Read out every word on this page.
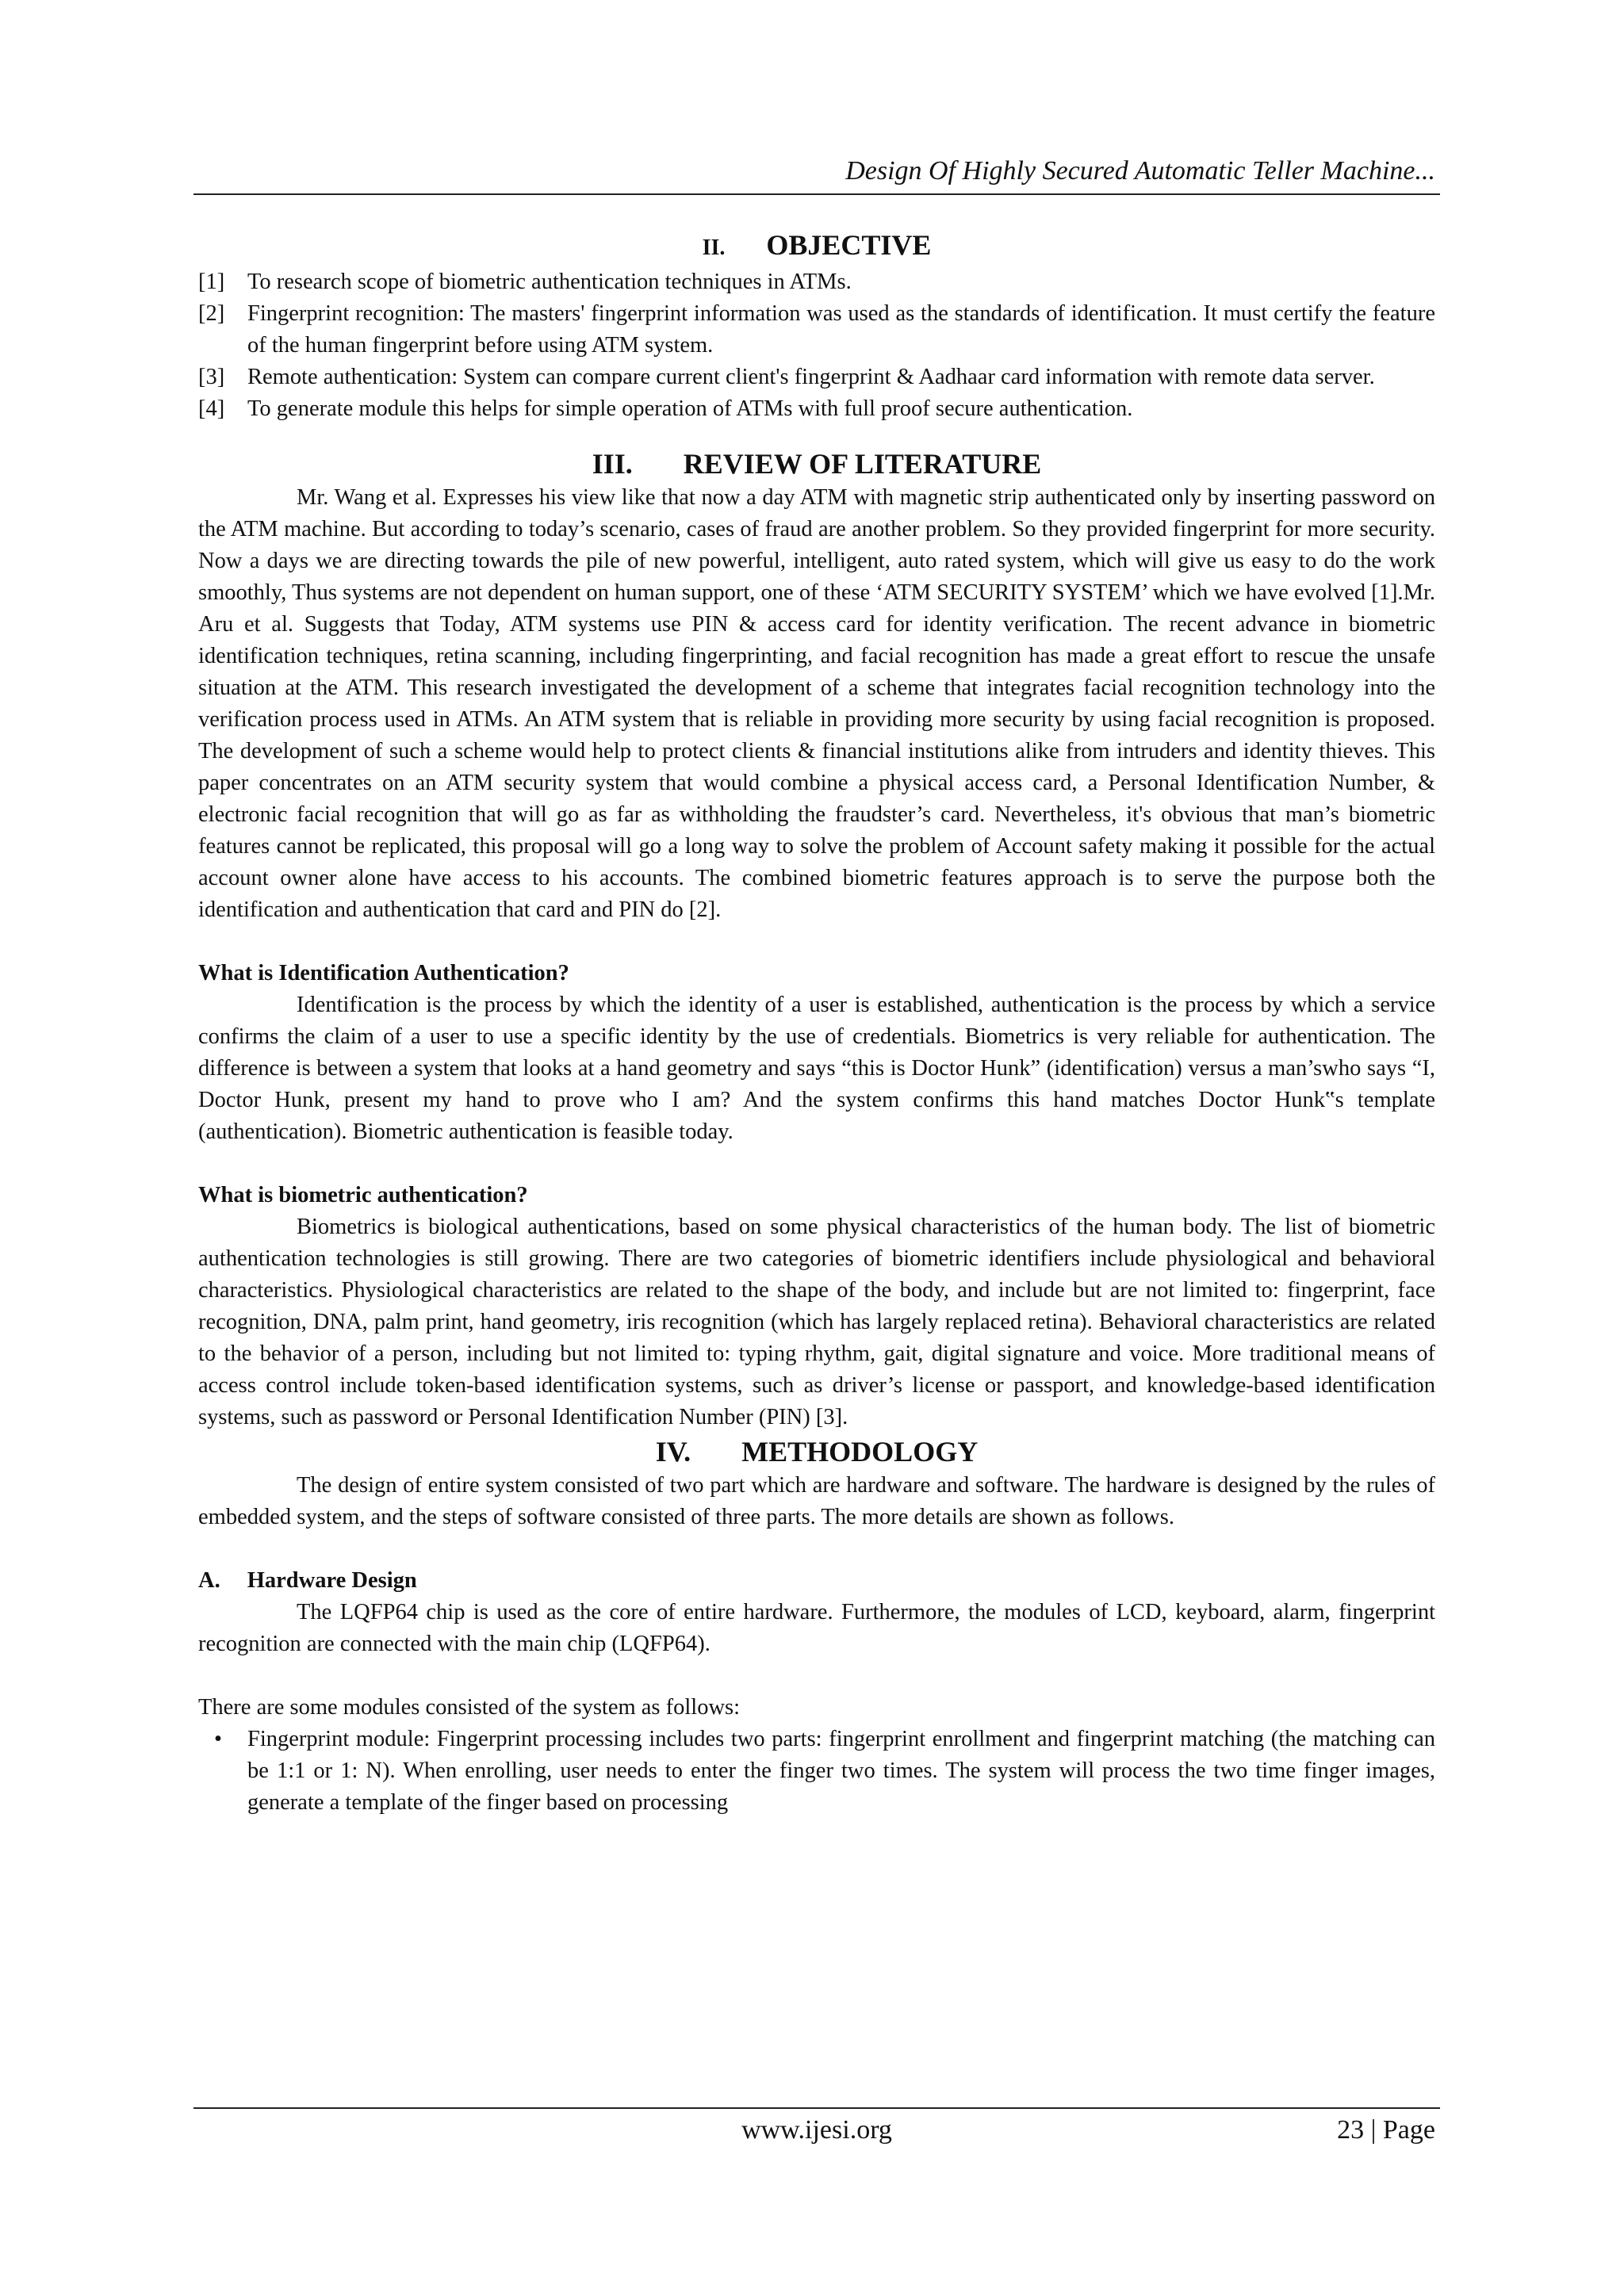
Design Of Highly Secured Automatic Teller Machine...
II. OBJECTIVE
[1] To research scope of biometric authentication techniques in ATMs.
[2] Fingerprint recognition: The masters' fingerprint information was used as the standards of identification. It must certify the feature of the human fingerprint before using ATM system.
[3] Remote authentication: System can compare current client's fingerprint & Aadhaar card information with remote data server.
[4] To generate module this helps for simple operation of ATMs with full proof secure authentication.
III. REVIEW OF LITERATURE

Mr. Wang et al. Expresses his view like that now a day ATM with magnetic strip authenticated only by inserting password on the ATM machine. But according to today’s scenario, cases of fraud are another problem. So they provided fingerprint for more security. Now a days we are directing towards the pile of new powerful, intelligent, auto rated system, which will give us easy to do the work smoothly, Thus systems are not dependent on human support, one of these ‘ATM SECURITY SYSTEM’ which we have evolved [1].Mr. Aru et al. Suggests that Today, ATM systems use PIN & access card for identity verification. The recent advance in biometric identification techniques, retina scanning, including fingerprinting, and facial recognition has made a great effort to rescue the unsafe situation at the ATM. This research investigated the development of a scheme that integrates facial recognition technology into the verification process used in ATMs. An ATM system that is reliable in providing more security by using facial recognition is proposed. The development of such a scheme would help to protect clients & financial institutions alike from intruders and identity thieves. This paper concentrates on an ATM security system that would combine a physical access card, a Personal Identification Number, & electronic facial recognition that will go as far as withholding the fraudster’s card. Nevertheless, it's obvious that man’s biometric features cannot be replicated, this proposal will go a long way to solve the problem of Account safety making it possible for the actual account owner alone have access to his accounts. The combined biometric features approach is to serve the purpose both the identification and authentication that card and PIN do [2].

What is Identification Authentication?

Identification is the process by which the identity of a user is established, authentication is the process by which a service confirms the claim of a user to use a specific identity by the use of credentials. Biometrics is very reliable for authentication. The difference is between a system that looks at a hand geometry and says “this is Doctor Hunk” (identification) versus a man’swho says “I, Doctor Hunk, present my hand to prove who I am? And the system confirms this hand matches Doctor Hunk‟s template (authentication). Biometric authentication is feasible today.

What is biometric authentication?

Biometrics is biological authentications, based on some physical characteristics of the human body. The list of biometric authentication technologies is still growing. There are two categories of biometric identifiers include physiological and behavioral characteristics. Physiological characteristics are related to the shape of the body, and include but are not limited to: fingerprint, face recognition, DNA, palm print, hand geometry, iris recognition (which has largely replaced retina). Behavioral characteristics are related to the behavior of a person, including but not limited to: typing rhythm, gait, digital signature and voice. More traditional means of access control include token-based identification systems, such as driver’s license or passport, and knowledge-based identification systems, such as password or Personal Identification Number (PIN) [3].

IV. METHODOLOGY

The design of entire system consisted of two part which are hardware and software. The hardware is designed by the rules of embedded system, and the steps of software consisted of three parts. The more details are shown as follows.

A. Hardware Design

The LQFP64 chip is used as the core of entire hardware. Furthermore, the modules of LCD, keyboard, alarm, fingerprint recognition are connected with the main chip (LQFP64).

There are some modules consisted of the system as follows:

• Fingerprint module: Fingerprint processing includes two parts: fingerprint enrollment and fingerprint matching (the matching can be 1:1 or 1: N). When enrolling, user needs to enter the finger two times. The system will process the two time finger images, generate a template of the finger based on processing
www.ijesi.org	23 | Page
